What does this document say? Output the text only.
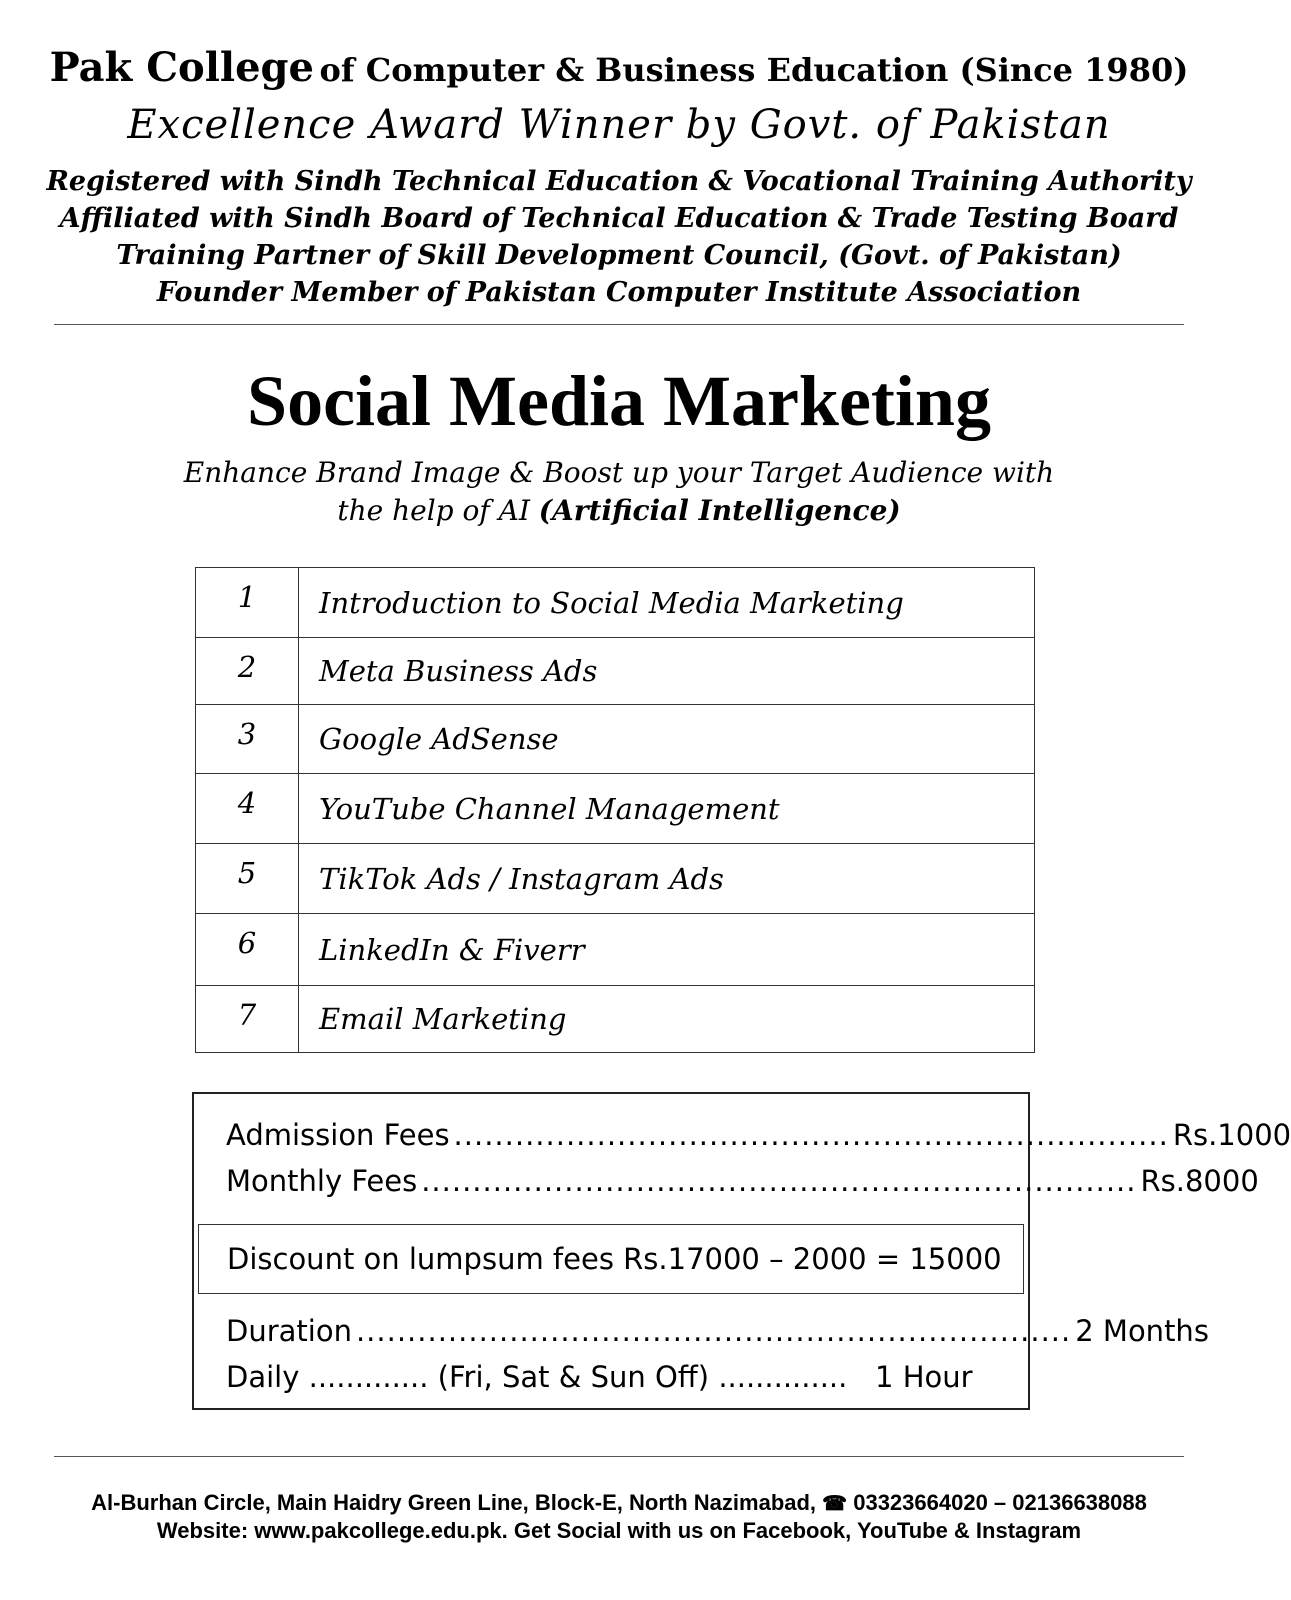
Pak College of Computer & Business Education (Since 1980)
Excellence Award Winner by Govt. of Pakistan
Registered with Sindh Technical Education & Vocational Training Authority
Affiliated with Sindh Board of Technical Education & Trade Testing Board
Training Partner of Skill Development Council, (Govt. of Pakistan)
Founder Member of Pakistan Computer Institute Association
Social Media Marketing
Enhance Brand Image & Boost up your Target Audience with
the help of AI (Artificial Intelligence)
1	Introduction to Social Media Marketing
2	Meta Business Ads
3	Google AdSense
4	YouTube Channel Management
5	TikTok Ads / Instagram Ads
6	LinkedIn & Fiverr
7	Email Marketing
Admission Fees ...................................................................... Rs.1000
Monthly Fees ...................................................................... Rs.8000
Discount on lumpsum fees Rs.17000 – 2000 = 15000
Duration ...................................................................... 2 Months
Daily ............. (Fri, Sat & Sun Off) ..............   1 Hour
Al-Burhan Circle, Main Haidry Green Line, Block-E, North Nazimabad, ☎ 03323664020 – 02136638088
Website: www.pakcollege.edu.pk. Get Social with us on Facebook, YouTube & Instagram
